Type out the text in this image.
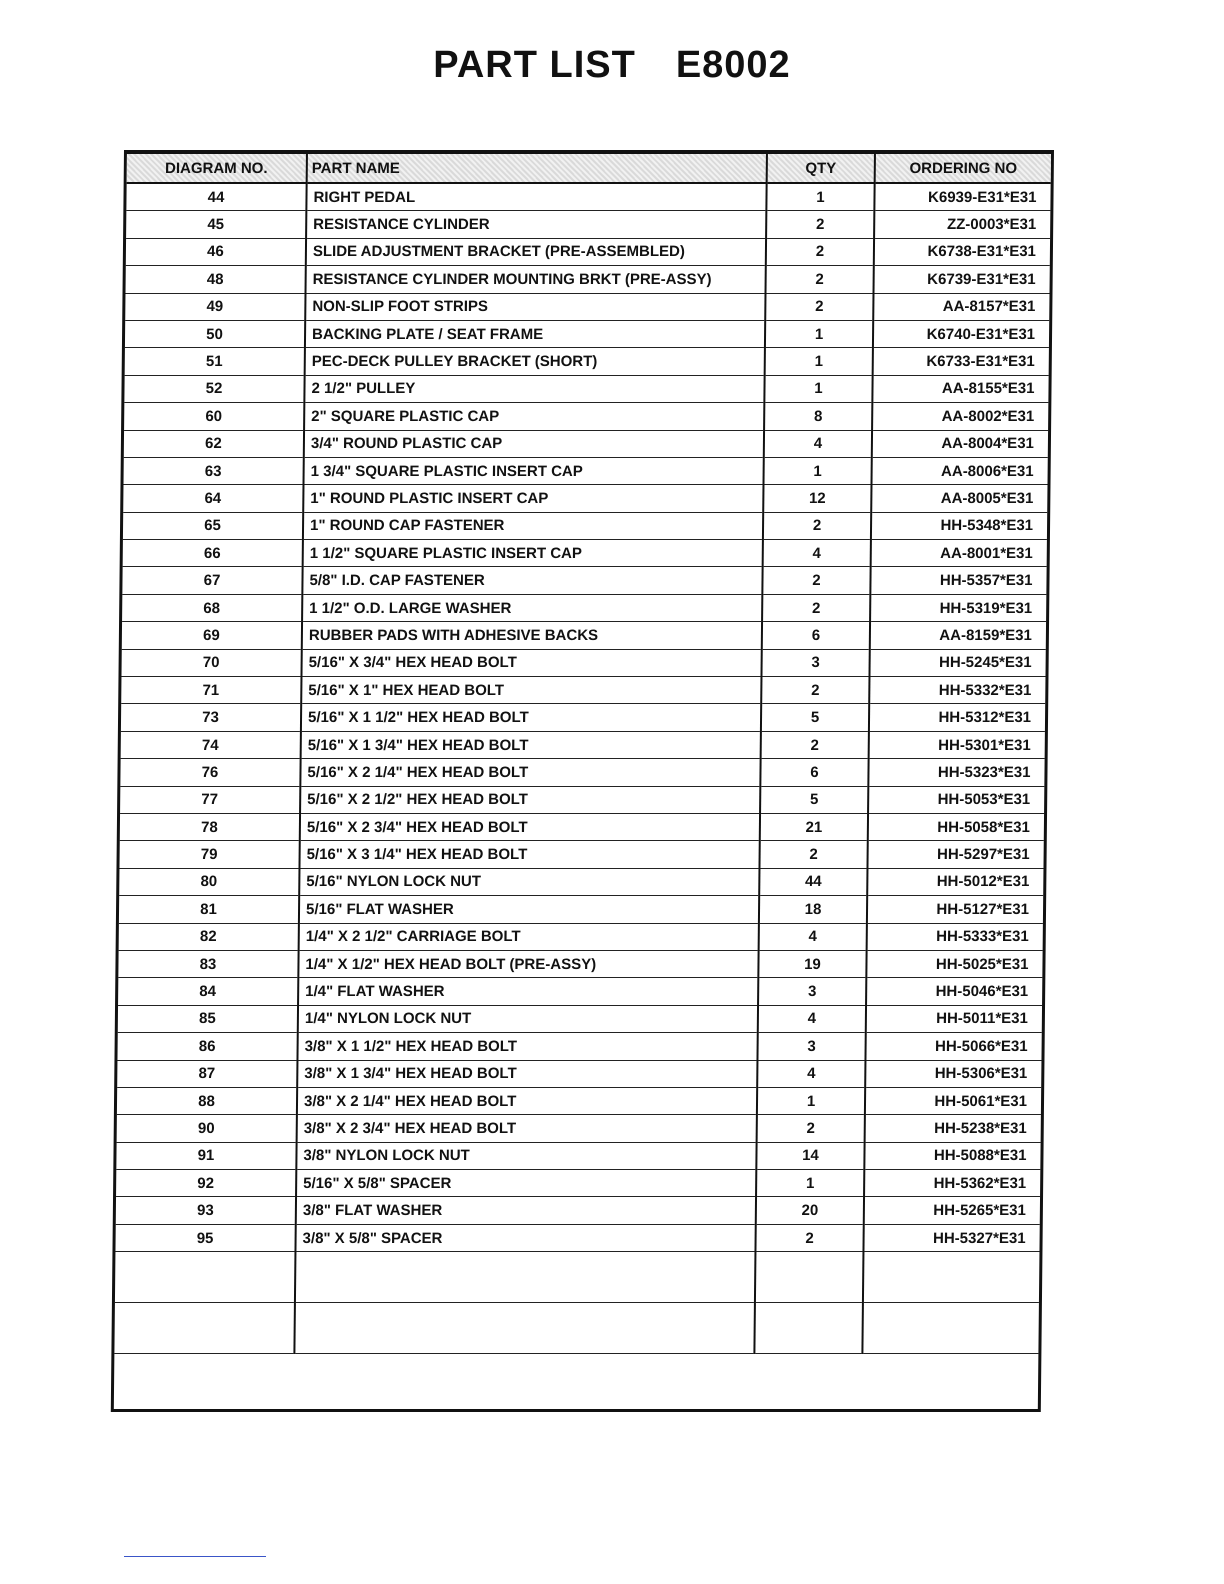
PART LIST E8002
DIAGRAM NO.	PART NAME	QTY	ORDERING NO
44	RIGHT PEDAL	1	K6939-E31*E31
45	RESISTANCE CYLINDER	2	ZZ-0003*E31
46	SLIDE ADJUSTMENT BRACKET (PRE-ASSEMBLED)	2	K6738-E31*E31
48	RESISTANCE CYLINDER MOUNTING BRKT (PRE-ASSY)	2	K6739-E31*E31
49	NON-SLIP FOOT STRIPS	2	AA-8157*E31
50	BACKING PLATE / SEAT FRAME	1	K6740-E31*E31
51	PEC-DECK PULLEY BRACKET (SHORT)	1	K6733-E31*E31
52	2 1/2" PULLEY	1	AA-8155*E31
60	2" SQUARE PLASTIC CAP	8	AA-8002*E31
62	3/4" ROUND PLASTIC CAP	4	AA-8004*E31
63	1 3/4" SQUARE PLASTIC INSERT CAP	1	AA-8006*E31
64	1" ROUND PLASTIC INSERT CAP	12	AA-8005*E31
65	1" ROUND CAP FASTENER	2	HH-5348*E31
66	1 1/2" SQUARE PLASTIC INSERT CAP	4	AA-8001*E31
67	5/8" I.D. CAP FASTENER	2	HH-5357*E31
68	1 1/2" O.D. LARGE WASHER	2	HH-5319*E31
69	RUBBER PADS WITH ADHESIVE BACKS	6	AA-8159*E31
70	5/16" X 3/4" HEX HEAD BOLT	3	HH-5245*E31
71	5/16" X 1" HEX HEAD BOLT	2	HH-5332*E31
73	5/16" X 1 1/2" HEX HEAD BOLT	5	HH-5312*E31
74	5/16" X 1 3/4" HEX HEAD BOLT	2	HH-5301*E31
76	5/16" X 2 1/4" HEX HEAD BOLT	6	HH-5323*E31
77	5/16" X 2 1/2" HEX HEAD BOLT	5	HH-5053*E31
78	5/16" X 2 3/4" HEX HEAD BOLT	21	HH-5058*E31
79	5/16" X 3 1/4" HEX HEAD BOLT	2	HH-5297*E31
80	5/16" NYLON LOCK NUT	44	HH-5012*E31
81	5/16" FLAT WASHER	18	HH-5127*E31
82	1/4" X 2 1/2" CARRIAGE BOLT	4	HH-5333*E31
83	1/4" X 1/2" HEX HEAD BOLT (PRE-ASSY)	19	HH-5025*E31
84	1/4" FLAT WASHER	3	HH-5046*E31
85	1/4" NYLON LOCK NUT	4	HH-5011*E31
86	3/8" X 1 1/2" HEX HEAD BOLT	3	HH-5066*E31
87	3/8" X 1 3/4" HEX HEAD BOLT	4	HH-5306*E31
88	3/8" X 2 1/4" HEX HEAD BOLT	1	HH-5061*E31
90	3/8" X 2 3/4" HEX HEAD BOLT	2	HH-5238*E31
91	3/8" NYLON LOCK NUT	14	HH-5088*E31
92	5/16" X 5/8" SPACER	1	HH-5362*E31
93	3/8" FLAT WASHER	20	HH-5265*E31
95	3/8" X 5/8" SPACER	2	HH-5327*E31
